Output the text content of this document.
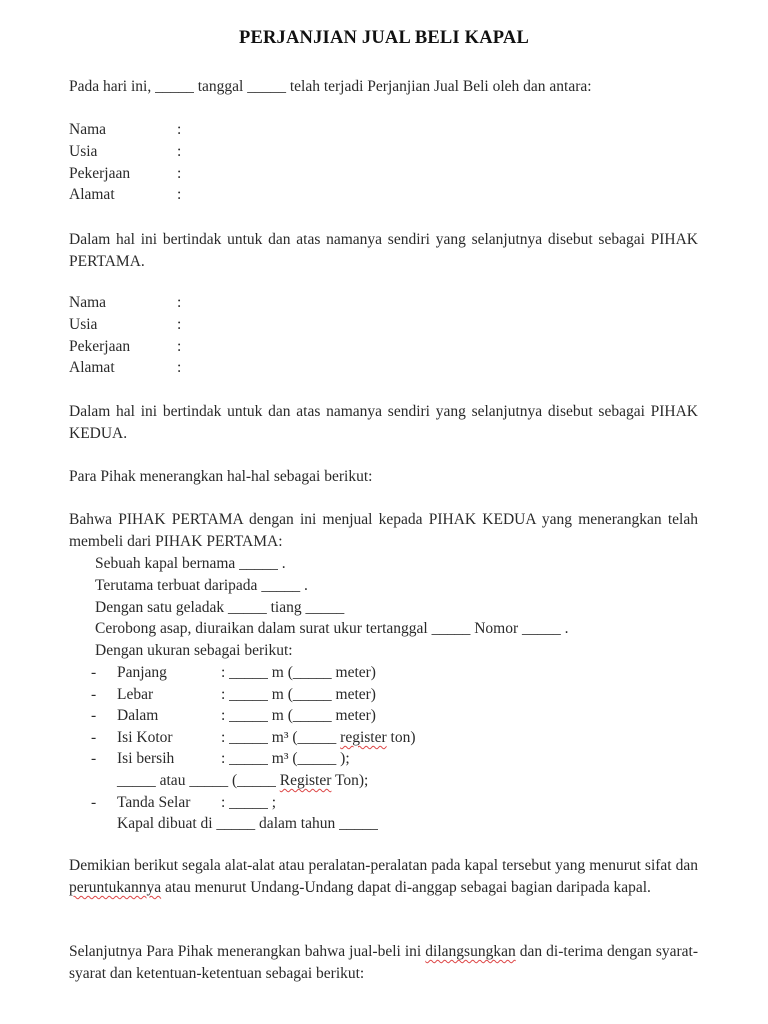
PERJANJIAN JUAL BELI KAPAL
Pada hari ini, _____ tanggal _____ telah terjadi Perjanjian Jual Beli oleh dan antara:
Nama	:
Usia	:
Pekerjaan	:
Alamat	:
Dalam hal ini bertindak untuk dan atas namanya sendiri yang selanjutnya disebut sebagai PIHAK PERTAMA.
Nama	:
Usia	:
Pekerjaan	:
Alamat	:
Dalam hal ini bertindak untuk dan atas namanya sendiri yang selanjutnya disebut sebagai PIHAK KEDUA.
Para Pihak menerangkan hal-hal sebagai berikut:
Bahwa PIHAK PERTAMA dengan ini menjual kepada PIHAK KEDUA yang menerangkan telah membeli dari PIHAK PERTAMA:
Sebuah kapal bernama _____ .
Terutama terbuat daripada _____ .
Dengan satu geladak _____ tiang _____
Cerobong asap, diuraikan dalam surat ukur tertanggal _____ Nomor _____ .
Dengan ukuran sebagai berikut:
-	Panjang	: _____ m (_____ meter)
-	Lebar	: _____ m (_____ meter)
-	Dalam	: _____ m (_____ meter)
-	Isi Kotor	: _____ m³ (_____ register ton)
-	Isi bersih	: _____ m³ (_____ );
_____ atau _____ (_____ Register Ton);
-	Tanda Selar	: _____ ;
Kapal dibuat di _____ dalam tahun _____
Demikian berikut segala alat-alat atau peralatan-peralatan pada kapal tersebut yang menurut sifat dan peruntukannya atau menurut Undang-Undang dapat di-anggap sebagai bagian daripada kapal.
Selanjutnya Para Pihak menerangkan bahwa jual-beli ini dilangsungkan dan di-terima dengan syarat-syarat dan ketentuan-ketentuan sebagai berikut:
